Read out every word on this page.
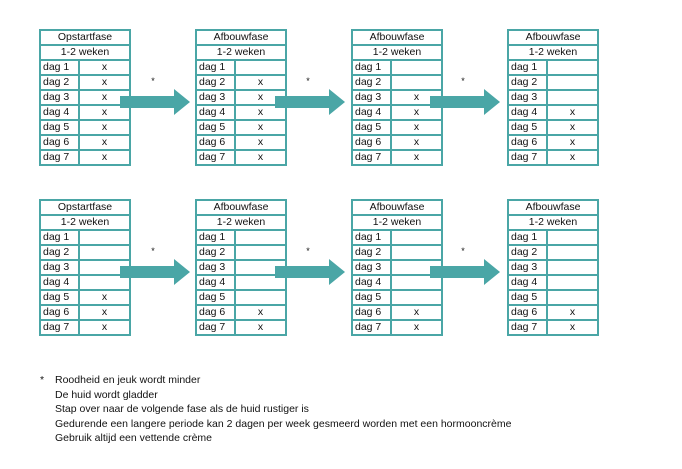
Opstartfase
1-2 weken
dag 1	x
dag 2	x
dag 3	x
dag 4	x
dag 5	x
dag 6	x
dag 7	x
Afbouwfase
1-2 weken
dag 1
dag 2	x
dag 3	x
dag 4	x
dag 5	x
dag 6	x
dag 7	x
Afbouwfase
1-2 weken
dag 1
dag 2
dag 3	x
dag 4	x
dag 5	x
dag 6	x
dag 7	x
Afbouwfase
1-2 weken
dag 1
dag 2
dag 3
dag 4	x
dag 5	x
dag 6	x
dag 7	x
*	*	*
Opstartfase
1-2 weken
dag 1
dag 2
dag 3
dag 4
dag 5	x
dag 6	x
dag 7	x
Afbouwfase
1-2 weken
dag 1
dag 2
dag 3
dag 4
dag 5
dag 6	x
dag 7	x
Afbouwfase
1-2 weken
dag 1
dag 2
dag 3
dag 4
dag 5
dag 6	x
dag 7	x
Afbouwfase
1-2 weken
dag 1
dag 2
dag 3
dag 4
dag 5
dag 6	x
dag 7	x
*	*	*
* Roodheid en jeuk wordt minder
De huid wordt gladder
Stap over naar de volgende fase als de huid rustiger is
Gedurende een langere periode kan 2 dagen per week gesmeerd worden met een hormooncrème
Gebruik altijd een vettende crème
